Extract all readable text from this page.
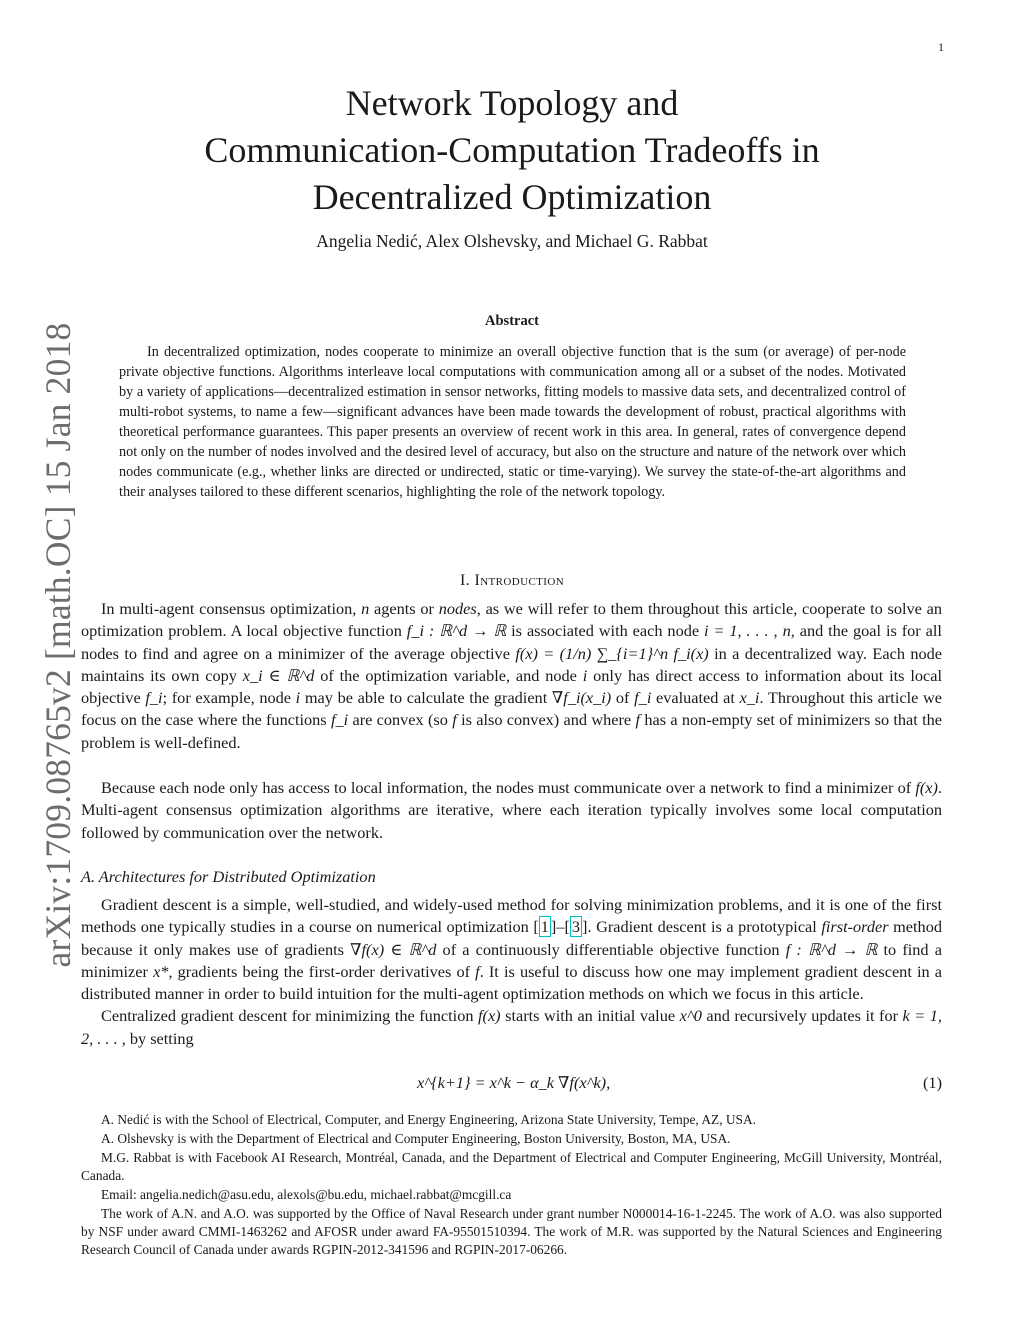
1
arXiv:1709.08765v2 [math.OC] 15 Jan 2018
Network Topology and
Communication-Computation Tradeoffs in
Decentralized Optimization
Angelia Nedić, Alex Olshevsky, and Michael G. Rabbat
Abstract
In decentralized optimization, nodes cooperate to minimize an overall objective function that is the sum (or average) of per-node private objective functions. Algorithms interleave local computations with communication among all or a subset of the nodes. Motivated by a variety of applications—decentralized estimation in sensor networks, fitting models to massive data sets, and decentralized control of multi-robot systems, to name a few—significant advances have been made towards the development of robust, practical algorithms with theoretical performance guarantees. This paper presents an overview of recent work in this area. In general, rates of convergence depend not only on the number of nodes involved and the desired level of accuracy, but also on the structure and nature of the network over which nodes communicate (e.g., whether links are directed or undirected, static or time-varying). We survey the state-of-the-art algorithms and their analyses tailored to these different scenarios, highlighting the role of the network topology.
I. Introduction

In multi-agent consensus optimization, n agents or nodes, as we will refer to them throughout this article, cooperate to solve an optimization problem. A local objective function f_i : ℝ^d → ℝ is associated with each node i = 1, . . . , n, and the goal is for all nodes to find and agree on a minimizer of the average objective f(x) = (1/n) ∑_{i=1}^n f_i(x) in a decentralized way. Each node maintains its own copy x_i ∈ ℝ^d of the optimization variable, and node i only has direct access to information about its local objective f_i; for example, node i may be able to calculate the gradient ∇f_i(x_i) of f_i evaluated at x_i. Throughout this article we focus on the case where the functions f_i are convex (so f is also convex) and where f has a non-empty set of minimizers so that the problem is well-defined.

Because each node only has access to local information, the nodes must communicate over a network to find a minimizer of f(x). Multi-agent consensus optimization algorithms are iterative, where each iteration typically involves some local computation followed by communication over the network.

A. Architectures for Distributed Optimization

Gradient descent is a simple, well-studied, and widely-used method for solving minimization problems, and it is one of the first methods one typically studies in a course on numerical optimization [ 1 ]–[ 3 ]. Gradient descent is a prototypical first-order method because it only makes use of gradients ∇f(x) ∈ ℝ^d of a continuously differentiable objective function f : ℝ^d → ℝ to find a minimizer x*, gradients being the first-order derivatives of f. It is useful to discuss how one may implement gradient descent in a distributed manner in order to build intuition for the multi-agent optimization methods on which we focus in this article.

Centralized gradient descent for minimizing the function f(x) starts with an initial value x^0 and recursively updates it for k = 1, 2, . . . , by setting

x^{k+1} = x^k − α_k ∇f(x^k),	(1)

A. Nedić is with the School of Electrical, Computer, and Energy Engineering, Arizona State University, Tempe, AZ, USA.

A. Olshevsky is with the Department of Electrical and Computer Engineering, Boston University, Boston, MA, USA.

M.G. Rabbat is with Facebook AI Research, Montréal, Canada, and the Department of Electrical and Computer Engineering, McGill University, Montréal, Canada.

Email: angelia.nedich@asu.edu, alexols@bu.edu, michael.rabbat@mcgill.ca

The work of A.N. and A.O. was supported by the Office of Naval Research under grant number N000014-16-1-2245. The work of A.O. was also supported by NSF under award CMMI-1463262 and AFOSR under award FA-95501510394. The work of M.R. was supported by the Natural Sciences and Engineering Research Council of Canada under awards RGPIN-2012-341596 and RGPIN-2017-06266.
